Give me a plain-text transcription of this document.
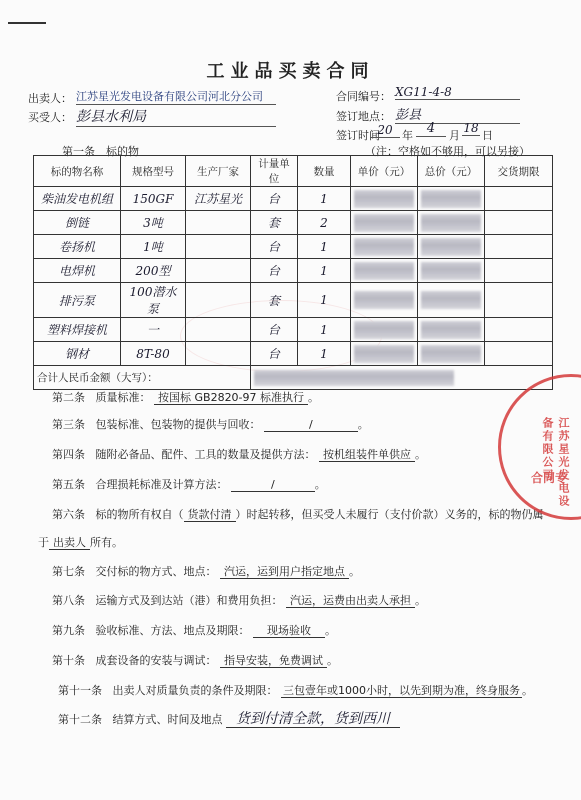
工业品买卖合同
出卖人： 江苏星光发电设备有限公司河北分公司
买受人： 彭县水利局
合同编号： XG11-4-8
签订地点： 彭县
签订时间
20 年	4	月
18
日
第一条　标的物	（注：空格如不够用，可以另接）
标的物名称	规格型号	生产厂家	计量单位	数量	单价（元）	总价（元）	交货期限
柴油发电机组	150GF	江苏星光	台	1	

倒链	3吨		套	2	

卷扬机	1吨		台	1	

电焊机	200型		台	1	

排污泵	100潜水泵		套	1	

塑料焊接机	一		台	1	

钢材	8T-80		台	1	

合计人民币金额（大写）：							
第二条 质量标准： 按国标 GB2820-97 标准执行 。
第三条 包装标准、包装物的提供与回收：	/	。
第四条 随附必备品、配件、工具的数量及提供方法： 按机组装件单供应 。
第五条 合理损耗标准及计算方法：	/	。
第六条 标的物所有权自（ 货款付清 ）时起转移，但买受人未履行（支付价款）义务的，标的物仍属
于 出卖人 所有。
第七条 交付标的物方式、地点： 汽运，运到用户指定地点 。
第八条 运输方式及到达站（港）和费用负担： 汽运，运费由出卖人承担 。
第九条 验收标准、方法、地点及期限： 现场验收 。
第十条 成套设备的安装与调试： 指导安装，免费调试 。
第十一条 出卖人对质量负责的条件及期限： 三包壹年或1000小时，以先到期为准，终身服务 。
第十二条 结算方式、时间及地点 货到付清全款，货到西川
江苏星光发电设备有限公司
合同专
